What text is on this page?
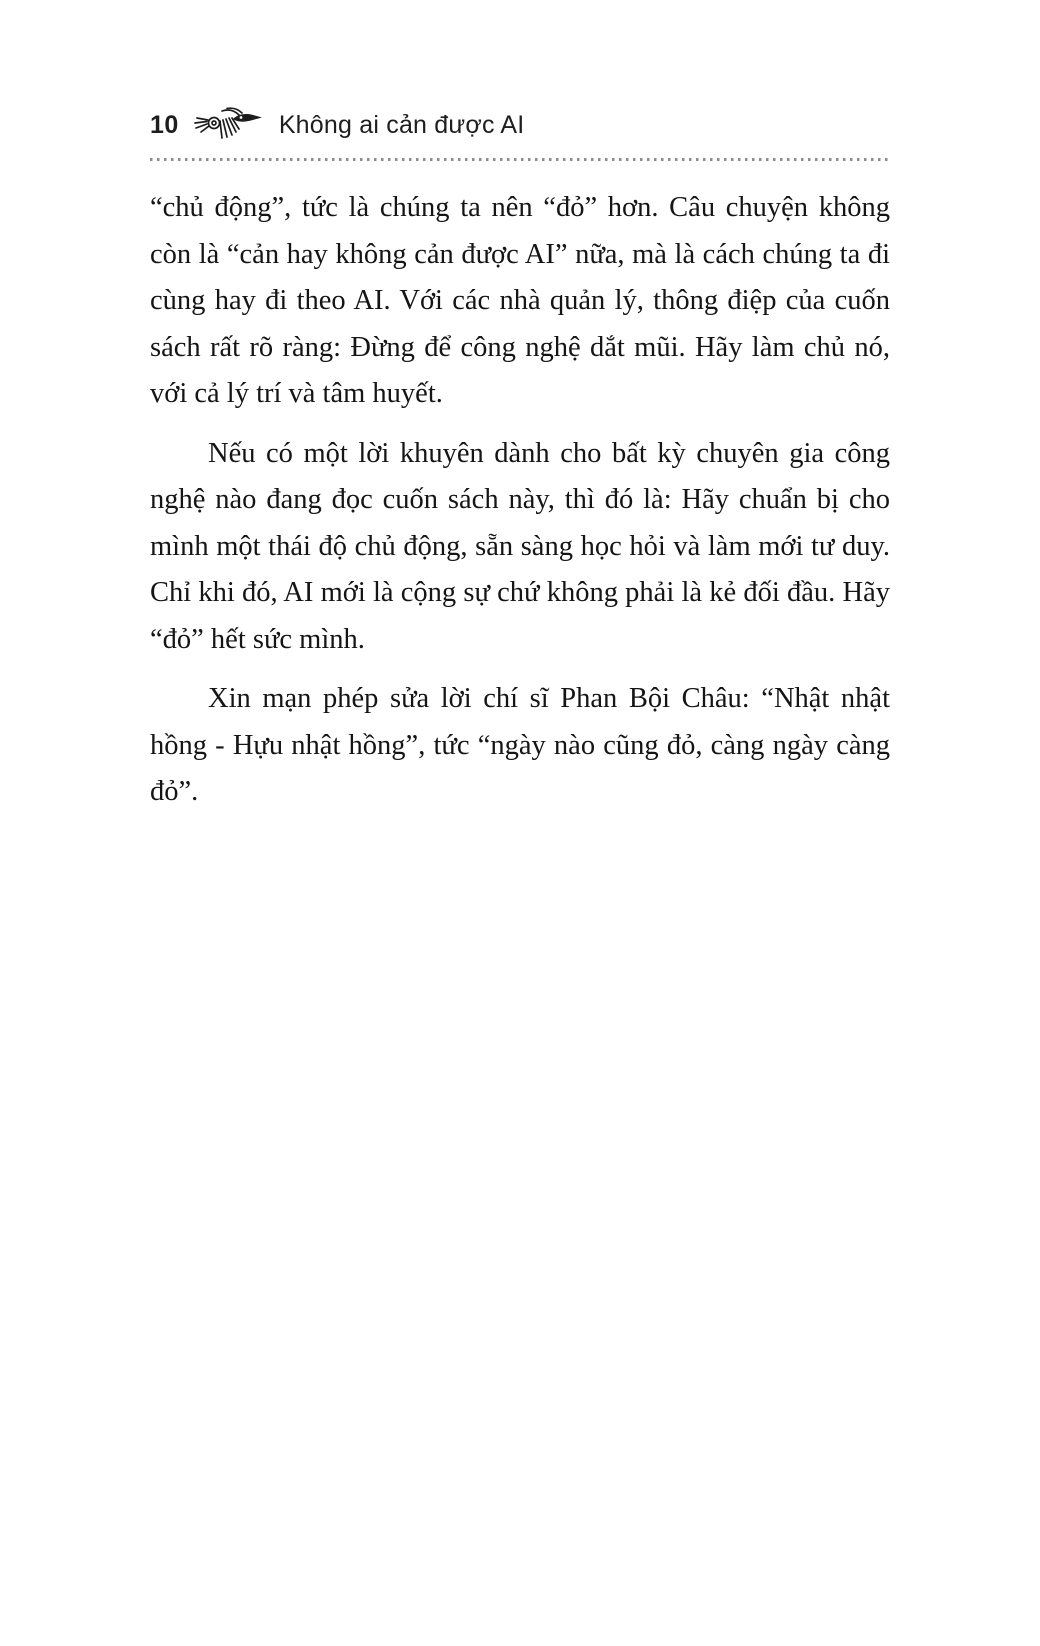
10	Không ai cản được AI

“chủ động”, tức là chúng ta nên “đỏ” hơn. Câu chuyện không còn là “cản hay không cản được AI” nữa, mà là cách chúng ta đi cùng hay đi theo AI. Với các nhà quản lý, thông điệp của cuốn sách rất rõ ràng: Đừng để công nghệ dắt mũi. Hãy làm chủ nó, với cả lý trí và tâm huyết.

Nếu có một lời khuyên dành cho bất kỳ chuyên gia công nghệ nào đang đọc cuốn sách này, thì đó là: Hãy chuẩn bị cho mình một thái độ chủ động, sẵn sàng học hỏi và làm mới tư duy. Chỉ khi đó, AI mới là cộng sự chứ không phải là kẻ đối đầu. Hãy “đỏ” hết sức mình.

Xin mạn phép sửa lời chí sĩ Phan Bội Châu: “Nhật nhật hồng - Hựu nhật hồng”, tức “ngày nào cũng đỏ, càng ngày càng đỏ”.
